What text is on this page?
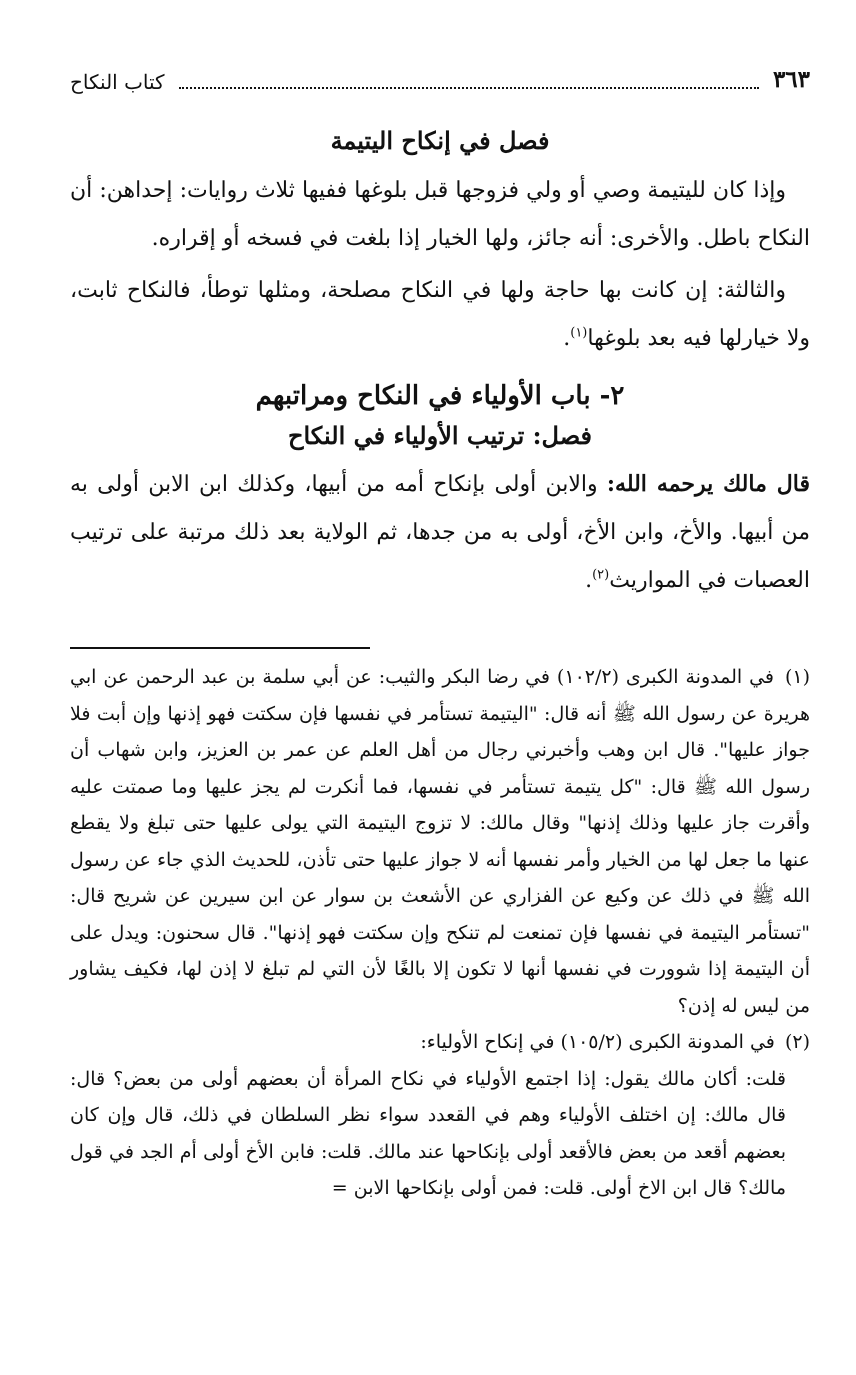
٣٦٣
كتاب النكاح
فصل في إنكاح اليتيمة

وإذا كان لليتيمة وصي أو ولي فزوجها قبل بلوغها ففيها ثلاث روايات: إحداهن: أن النكاح باطل. والأخرى: أنه جائز، ولها الخيار إذا بلغت في فسخه أو إقراره.

والثالثة: إن كانت بها حاجة ولها في النكاح مصلحة، ومثلها توطأ، فالنكاح ثابت، ولا خيارلها فيه بعد بلوغها$^{(١)}$.

٢- باب الأولياء في النكاح ومراتبهم
فصل: ترتيب الأولياء في النكاح

قال مالك يرحمه الله: والابن أولى بإنكاح أمه من أبيها، وكذلك ابن الابن أولى به من أبيها. والأخ، وابن الأخ، أولى به من جدها، ثم الولاية بعد ذلك مرتبة على ترتيب العصبات في المواريث$^{(٢)}$.

(١) في المدونة الكبرى (١٠٢/٢) في رضا البكر والثيب: عن أبي سلمة بن عبد الرحمن عن ابي هريرة عن رسول الله ﷺ أنه قال: "اليتيمة تستأمر في نفسها فإن سكتت فهو إذنها وإن أبت فلا جواز عليها". قال ابن وهب وأخبرني رجال من أهل العلم عن عمر بن العزيز، وابن شهاب أن رسول الله ﷺ قال: "كل يتيمة تستأمر في نفسها، فما أنكرت لم يجز عليها وما صمتت عليه وأقرت جاز عليها وذلك إذنها" وقال مالك: لا تزوج اليتيمة التي يولى عليها حتى تبلغ ولا يقطع عنها ما جعل لها من الخيار وأمر نفسها أنه لا جواز عليها حتى تأذن، للحديث الذي جاء عن رسول الله ﷺ في ذلك عن وكيع عن الفزاري عن الأشعث بن سوار عن ابن سيرين عن شريح قال: "تستأمر اليتيمة في نفسها فإن تمنعت لم تنكح وإن سكتت فهو إذنها". قال سحنون: ويدل على أن اليتيمة إذا شوورت في نفسها أنها لا تكون إلا بالغًا لأن التي لم تبلغ لا إذن لها، فكيف يشاور من ليس له إذن؟

(٢) في المدونة الكبرى (١٠٥/٢) في إنكاح الأولياء:

قلت: أكان مالك يقول: إذا اجتمع الأولياء في نكاح المرأة أن بعضهم أولى من بعض؟ قال: قال مالك: إن اختلف الأولياء وهم في القعدد سواء نظر السلطان في ذلك، قال وإن كان بعضهم أقعد من بعض فالأقعد أولى بإنكاحها عند مالك. قلت: فابن الأخ أولى أم الجد في قول مالك؟ قال ابن الاخ أولى. قلت: فمن أولى بإنكاحها الابن =
